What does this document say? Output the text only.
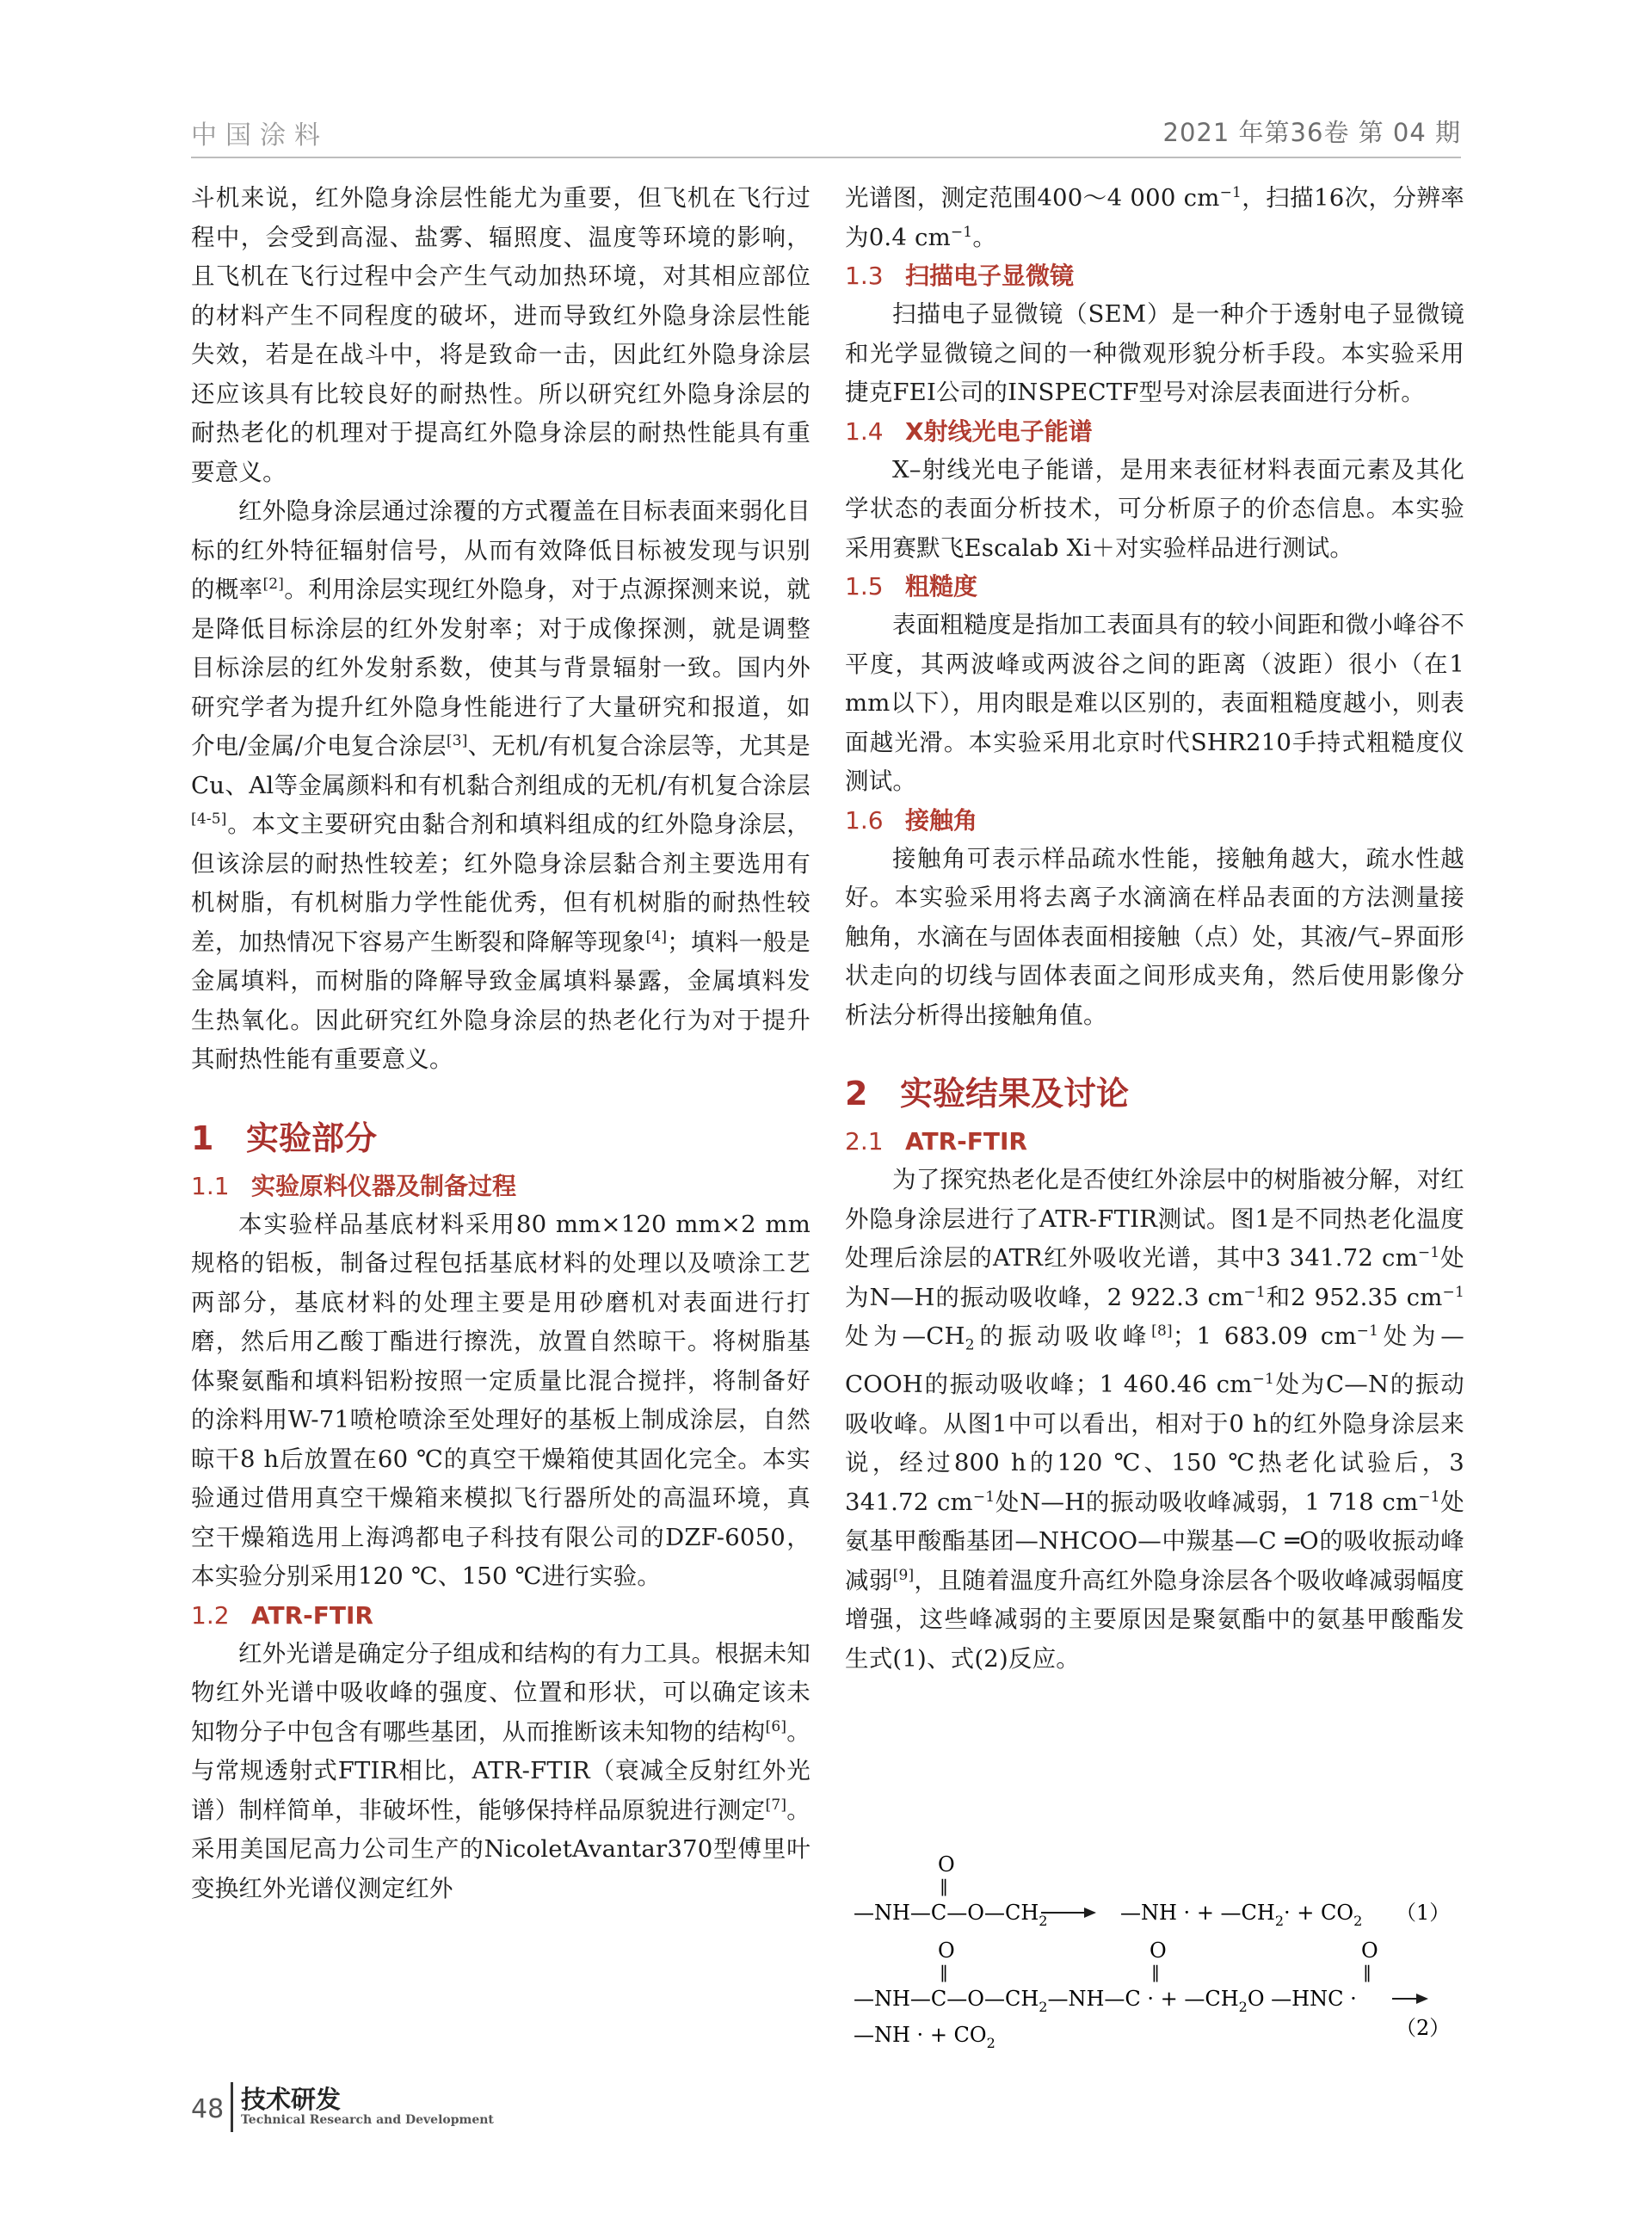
中国涂料	2021 年第36卷 第 04 期

斗机来说，红外隐身涂层性能尤为重要，但飞机在飞行过程中，会受到高湿、盐雾、辐照度、温度等环境的影响，且飞机在飞行过程中会产生气动加热环境，对其相应部位的材料产生不同程度的破坏，进而导致红外隐身涂层性能失效，若是在战斗中，将是致命一击，因此红外隐身涂层还应该具有比较良好的耐热性。所以研究红外隐身涂层的耐热老化的机理对于提高红外隐身涂层的耐热性能具有重要意义。

红外隐身涂层通过涂覆的方式覆盖在目标表面来弱化目标的红外特征辐射信号，从而有效降低目标被发现与识别的概率[2]。利用涂层实现红外隐身，对于点源探测来说，就是降低目标涂层的红外发射率；对于成像探测，就是调整目标涂层的红外发射系数，使其与背景辐射一致。国内外研究学者为提升红外隐身性能进行了大量研究和报道，如介电/金属/介电复合涂层[3]、无机/有机复合涂层等，尤其是Cu、Al等金属颜料和有机黏合剂组成的无机/有机复合涂层[4-5]。本文主要研究由黏合剂和填料组成的红外隐身涂层，但该涂层的耐热性较差；红外隐身涂层黏合剂主要选用有机树脂，有机树脂力学性能优秀，但有机树脂的耐热性较差，加热情况下容易产生断裂和降解等现象[4]；填料一般是金属填料，而树脂的降解导致金属填料暴露，金属填料发生热氧化。因此研究红外隐身涂层的热老化行为对于提升其耐热性能有重要意义。

1 实验部分
1.1 实验原料仪器及制备过程

本实验样品基底材料采用80 mm×120 mm×2 mm规格的铝板，制备过程包括基底材料的处理以及喷涂工艺两部分，基底材料的处理主要是用砂磨机对表面进行打磨，然后用乙酸丁酯进行擦洗，放置自然晾干。将树脂基体聚氨酯和填料铝粉按照一定质量比混合搅拌，将制备好的涂料用W-71喷枪喷涂至处理好的基板上制成涂层，自然晾干8 h后放置在60 ℃的真空干燥箱使其固化完全。本实验通过借用真空干燥箱来模拟飞行器所处的高温环境，真空干燥箱选用上海鸿都电子科技有限公司的DZF-6050，本实验分别采用120 ℃、150 ℃进行实验。

1.2 ATR-FTIR

红外光谱是确定分子组成和结构的有力工具。根据未知物红外光谱中吸收峰的强度、位置和形状，可以确定该未知物分子中包含有哪些基团，从而推断该未知物的结构[6]。与常规透射式FTIR相比，ATR-FTIR（衰减全反射红外光谱）制样简单，非破坏性，能够保持样品原貌进行测定[7]。采用美国尼高力公司生产的NicoletAvantar370型傅里叶变换红外光谱仪测定红外

光谱图，测定范围400～4 000 $cm^{-1}$，扫描16次，分辨率为0.4 $cm^{-1}$。

1.3 扫描电子显微镜

扫描电子显微镜（SEM）是一种介于透射电子显微镜和光学显微镜之间的一种微观形貌分析手段。本实验采用捷克FEI公司的INSPECTF型号对涂层表面进行分析。

1.4 X射线光电子能谱

X–射线光电子能谱，是用来表征材料表面元素及其化学状态的表面分析技术，可分析原子的价态信息。本实验采用赛默飞Escalab Xi＋对实验样品进行测试。

1.5 粗糙度

表面粗糙度是指加工表面具有的较小间距和微小峰谷不平度，其两波峰或两波谷之间的距离（波距）很小（在1 mm以下），用肉眼是难以区别的，表面粗糙度越小，则表面越光滑。本实验采用北京时代SHR210手持式粗糙度仪测试。

1.6 接触角

接触角可表示样品疏水性能，接触角越大，疏水性越好。本实验采用将去离子水滴滴在样品表面的方法测量接触角，水滴在与固体表面相接触（点）处，其液/气–界面形状走向的切线与固体表面之间形成夹角，然后使用影像分析法分析得出接触角值。

2 实验结果及讨论
2.1 ATR-FTIR

为了探究热老化是否使红外涂层中的树脂被分解，对红外隐身涂层进行了ATR-FTIR测试。图1是不同热老化温度处理后涂层的ATR红外吸收光谱，其中3 341.72 $cm^{-1}$处为N—H的振动吸收峰，2 922.3 $cm^{-1}$和2 952.35 $cm^{-1}$处为$—CH_2$的振动吸收峰[8]；1 683.09 $cm^{-1}$处为—COOH的振动吸收峰；1 460.46 $cm^{-1}$处为C—N的振动吸收峰。从图1中可以看出，相对于0 h的红外隐身涂层来说，经过800 h的120 ℃、150 ℃热老化试验后，3 341.72 $cm^{-1}$处N—H的振动吸收峰减弱，1 718 $cm^{-1}$处氨基甲酸酯基团—NHCOO—中羰基—C ═O的吸收振动峰减弱[9]，且随着温度升高红外隐身涂层各个吸收峰减弱幅度增强，这些峰减弱的主要原因是聚氨酯中的氨基甲酸酯发生式(1)、式(2)反应。

O
‖
$—NH—C—O—CH_2$	—NH · + $—CH_2\cdot + CO_2$ （1）
O
‖
O
‖
O
‖
$—NH—C—O—CH_2—NH—C$ · + $—CH_2O$ —HNC ·
—NH · + $CO_2$
（2）
48 技术研发
Technical Research and Development
